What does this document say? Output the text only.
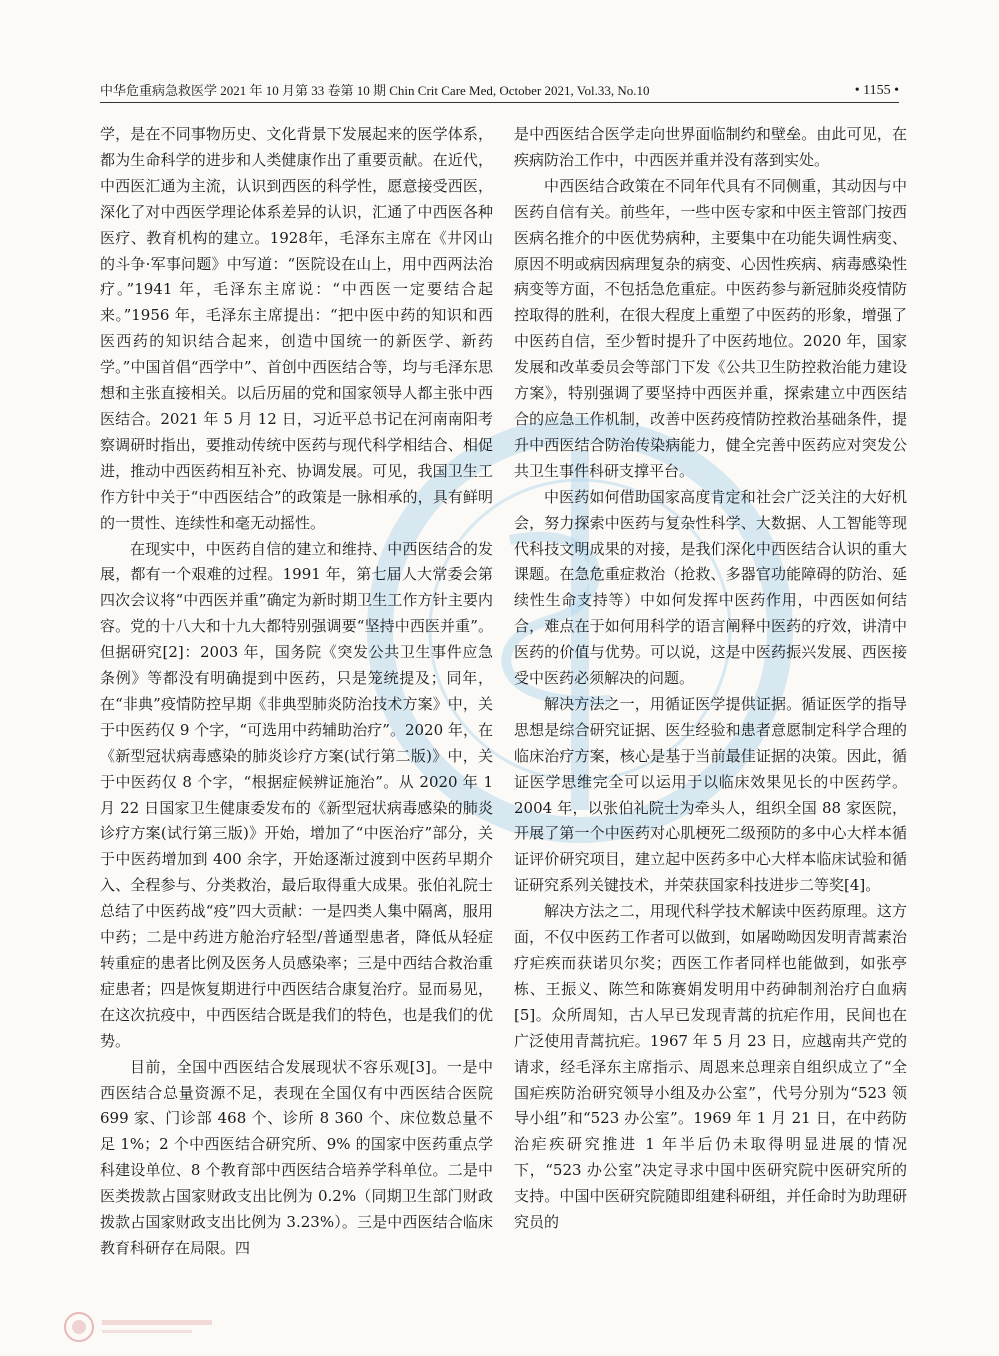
中华危重病急救医学 2021 年 10 月第 33 卷第 10 期 Chin Crit Care Med, October 2021, Vol.33, No.10	• 1155 •

学，是在不同事物历史、文化背景下发展起来的医学体系，都为生命科学的进步和人类健康作出了重要贡献。在近代，中西医汇通为主流，认识到西医的科学性，愿意接受西医，深化了对中西医学理论体系差异的认识，汇通了中西医各种医疗、教育机构的建立。1928年，毛泽东主席在《井冈山的斗争·军事问题》中写道：“医院设在山上，用中西两法治疗。”1941 年，毛泽东主席说：“中西医一定要结合起来。”1956 年，毛泽东主席提出：“把中医中药的知识和西医西药的知识结合起来，创造中国统一的新医学、新药学。”中国首倡“西学中”、首创中西医结合等，均与毛泽东思想和主张直接相关。以后历届的党和国家领导人都主张中西医结合。2021 年 5 月 12 日，习近平总书记在河南南阳考察调研时指出，要推动传统中医药与现代科学相结合、相促进，推动中西医药相互补充、协调发展。可见，我国卫生工作方针中关于“中西医结合”的政策是一脉相承的，具有鲜明的一贯性、连续性和毫无动摇性。

在现实中，中医药自信的建立和维持、中西医结合的发展，都有一个艰难的过程。1991 年，第七届人大常委会第四次会议将“中西医并重”确定为新时期卫生工作方针主要内容。党的十八大和十九大都特别强调要“坚持中西医并重”。但据研究[2]：2003 年，国务院《突发公共卫生事件应急条例》等都没有明确提到中医药，只是笼统提及；同年，在“非典”疫情防控早期《非典型肺炎防治技术方案》中，关于中医药仅 9 个字，“可选用中药辅助治疗”。2020 年，在《新型冠状病毒感染的肺炎诊疗方案(试行第二版)》中，关于中医药仅 8 个字，“根据症候辨证施治”。从 2020 年 1 月 22 日国家卫生健康委发布的《新型冠状病毒感染的肺炎诊疗方案(试行第三版)》开始，增加了“中医治疗”部分，关于中医药增加到 400 余字，开始逐渐过渡到中医药早期介入、全程参与、分类救治，最后取得重大成果。张伯礼院士总结了中医药战“疫”四大贡献：一是四类人集中隔离，服用中药；二是中药进方舱治疗轻型/普通型患者，降低从轻症转重症的患者比例及医务人员感染率；三是中西结合救治重症患者；四是恢复期进行中西医结合康复治疗。显而易见，在这次抗疫中，中西医结合既是我们的特色，也是我们的优势。

目前，全国中西医结合发展现状不容乐观[3]。一是中西医结合总量资源不足，表现在全国仅有中西医结合医院 699 家、门诊部 468 个、诊所 8 360 个、床位数总量不足 1%；2 个中西医结合研究所、9% 的国家中医药重点学科建设单位、8 个教育部中西医结合培养学科单位。二是中医类拨款占国家财政支出比例为 0.2%（同期卫生部门财政拨款占国家财政支出比例为 3.23%）。三是中西医结合临床教育科研存在局限。四

是中西医结合医学走向世界面临制约和壁垒。由此可见，在疾病防治工作中，中西医并重并没有落到实处。

中西医结合政策在不同年代具有不同侧重，其动因与中医药自信有关。前些年，一些中医专家和中医主管部门按西医病名推介的中医优势病种，主要集中在功能失调性病变、原因不明或病因病理复杂的病变、心因性疾病、病毒感染性病变等方面，不包括急危重症。中医药参与新冠肺炎疫情防控取得的胜利，在很大程度上重塑了中医药的形象，增强了中医药自信，至少暂时提升了中医药地位。2020 年，国家发展和改革委员会等部门下发《公共卫生防控救治能力建设方案》，特别强调了要坚持中西医并重，探索建立中西医结合的应急工作机制，改善中医药疫情防控救治基础条件，提升中西医结合防治传染病能力，健全完善中医药应对突发公共卫生事件科研支撑平台。

中医药如何借助国家高度肯定和社会广泛关注的大好机会，努力探索中医药与复杂性科学、大数据、人工智能等现代科技文明成果的对接，是我们深化中西医结合认识的重大课题。在急危重症救治（抢救、多器官功能障碍的防治、延续性生命支持等）中如何发挥中医药作用，中西医如何结合，难点在于如何用科学的语言阐释中医药的疗效，讲清中医药的价值与优势。可以说，这是中医药振兴发展、西医接受中医药必须解决的问题。

解决方法之一，用循证医学提供证据。循证医学的指导思想是综合研究证据、医生经验和患者意愿制定科学合理的临床治疗方案，核心是基于当前最佳证据的决策。因此，循证医学思维完全可以运用于以临床效果见长的中医药学。2004 年，以张伯礼院士为牵头人，组织全国 88 家医院，开展了第一个中医药对心肌梗死二级预防的多中心大样本循证评价研究项目，建立起中医药多中心大样本临床试验和循证研究系列关键技术，并荣获国家科技进步二等奖[4]。

解决方法之二，用现代科学技术解读中医药原理。这方面，不仅中医药工作者可以做到，如屠呦呦因发明青蒿素治疗疟疾而获诺贝尔奖；西医工作者同样也能做到，如张亭栋、王振义、陈竺和陈赛娟发明用中药砷制剂治疗白血病[5]。众所周知，古人早已发现青蒿的抗疟作用，民间也在广泛使用青蒿抗疟。1967 年 5 月 23 日，应越南共产党的请求，经毛泽东主席指示、周恩来总理亲自组织成立了“全国疟疾防治研究领导小组及办公室”，代号分别为“523 领导小组”和“523 办公室”。1969 年 1 月 21 日，在中药防治疟疾研究推进 1 年半后仍未取得明显进展的情况下，“523 办公室”决定寻求中国中医研究院中医研究所的支持。中国中医研究院随即组建科研组，并任命时为助理研究员的
